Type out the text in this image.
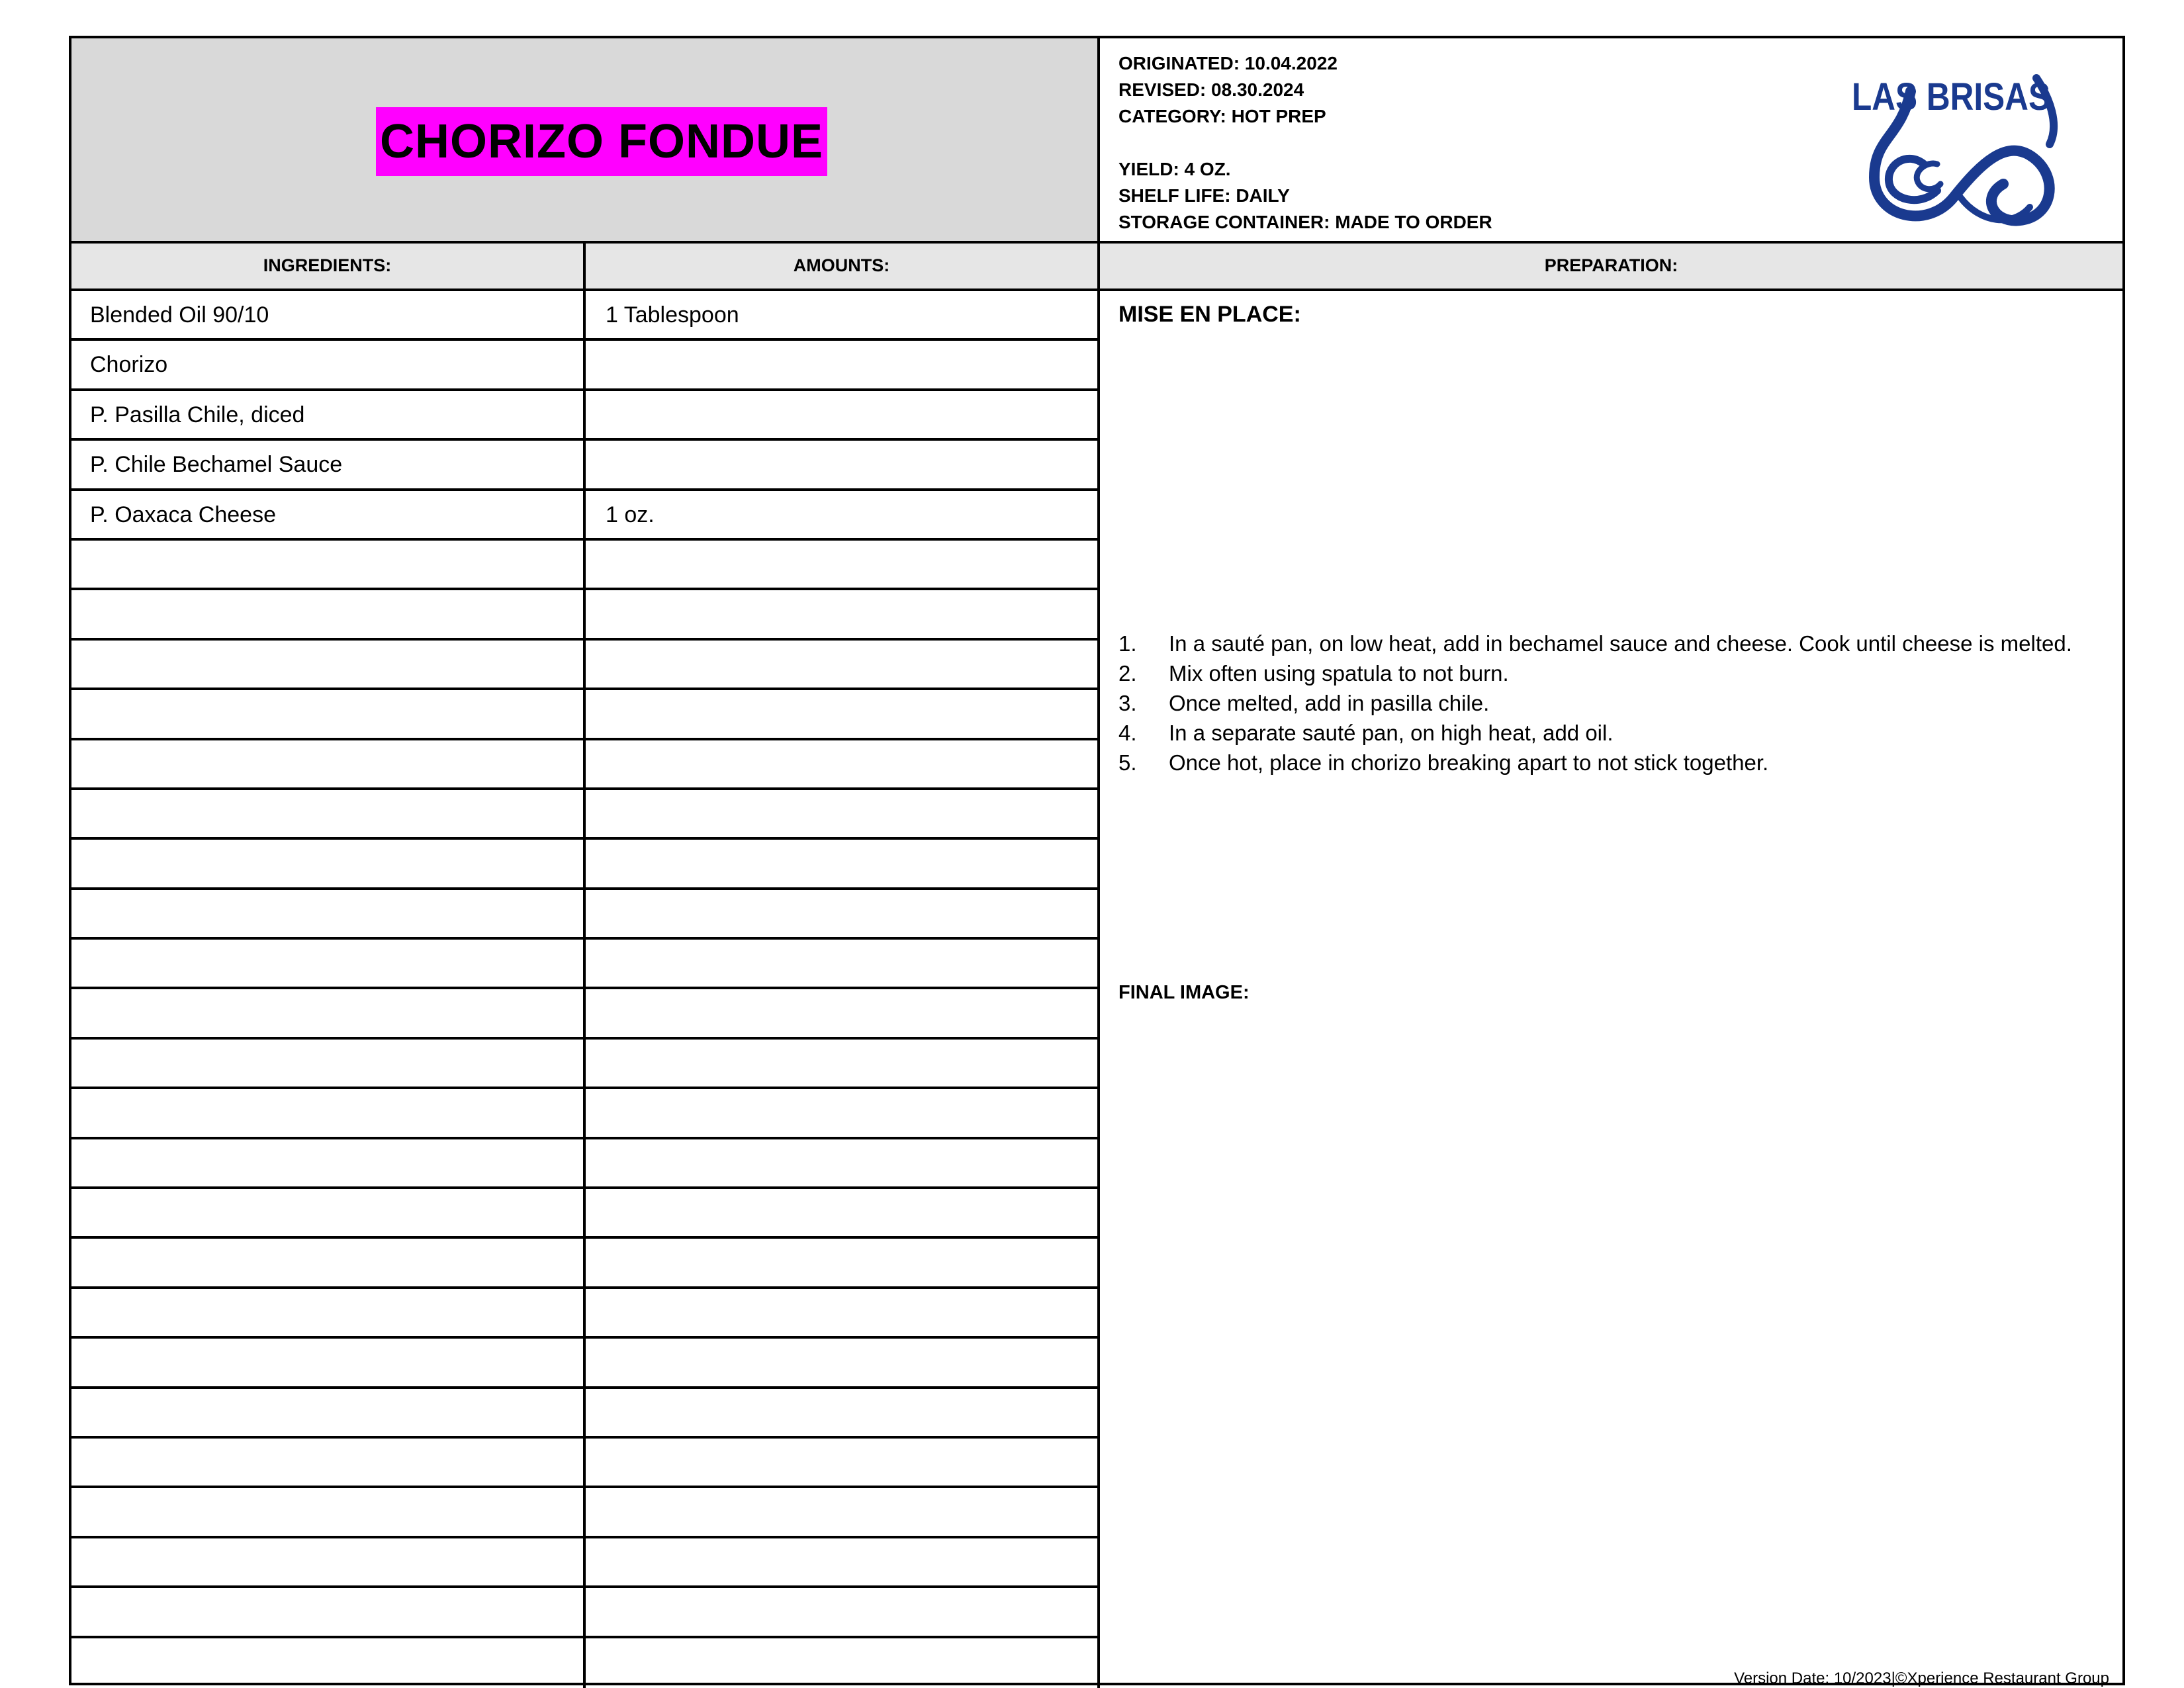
CHORIZO FONDUE
ORIGINATED: 10.04.2022
REVISED: 08.30.2024
CATEGORY: HOT PREP
YIELD: 4 OZ.
SHELF LIFE: DAILY
STORAGE CONTAINER: MADE TO ORDER
LAS BRISAS
INGREDIENTS:	AMOUNTS:	PREPARATION:
Blended Oil 90/10	1 Tablespoon
Chorizo
P. Pasilla Chile, diced
P. Chile Bechamel Sauce
P. Oaxaca Cheese	1 oz.
MISE EN PLACE:
1. In a sauté pan, on low heat, add in bechamel sauce and cheese. Cook until cheese is melted.
2. Mix often using spatula to not burn.
3. Once melted, add in pasilla chile.
4. In a separate sauté pan, on high heat, add oil.
5. Once hot, place in chorizo breaking apart to not stick together.
FINAL IMAGE:
Version Date: 10/2023|©Xperience Restaurant Group
